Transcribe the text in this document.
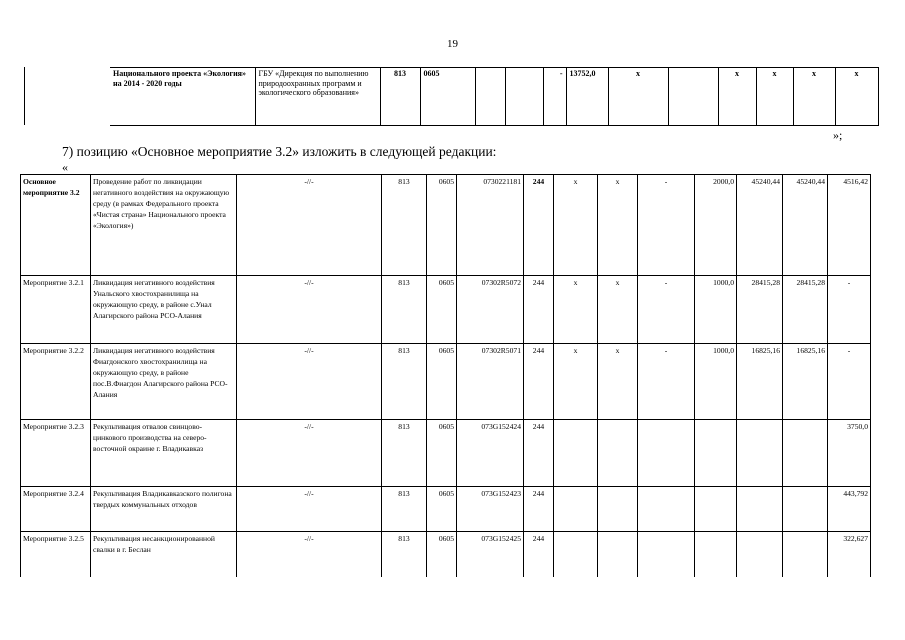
19
Национального проекта «Экология» на 2014 - 2020 годы	ГБУ «Дирекция по выполнению природоохранных программ и экологического образования»	813	0605			-	13752,0	x		x	x	x	x
»;
7) позицию «Основное мероприятие 3.2» изложить в следующей редакции:
«
Основное мероприятие 3.2	Проведение работ по ликвидации негативного воздействия на окружающую среду (в рамках Федерального проекта «Чистая страна» Национального проекта «Экология»)	-//-	813	0605	0730221181	244	x	x	-	2000,0	45240,44	45240,44	4516,42
Мероприятие 3.2.1	Ликвидация негативного воздействия Унальского хвостохранилища на окружающую среду, в районе с.Унал Алагирского района РСО-Алания	-//-	813	0605	07302R5072	244	x	x	-	1000,0	28415,28	28415,28	-
Мероприятие 3.2.2	Ликвидация негативного воздействия Фиагдонского хвостохранилища на окружающую среду, в районе пос.В.Фиагдон Алагирского района РСО-Алания	-//-	813	0605	07302R5071	244	x	x	-	1000,0	16825,16	16825,16	-
Мероприятие 3.2.3	Рекультивация отвалов свинцово-цинкового производства на северо-восточной окраине г. Владикавказ	-//-	813	0605	073G152424	244							3750,0
Мероприятие 3.2.4	Рекультивация Владикавказского полигона твердых коммунальных отходов	-//-	813	0605	073G152423	244							443,792
Мероприятие 3.2.5	Рекультивация несанкционированной свалки в г. Беслан	-//-	813	0605	073G152425	244							322,627
